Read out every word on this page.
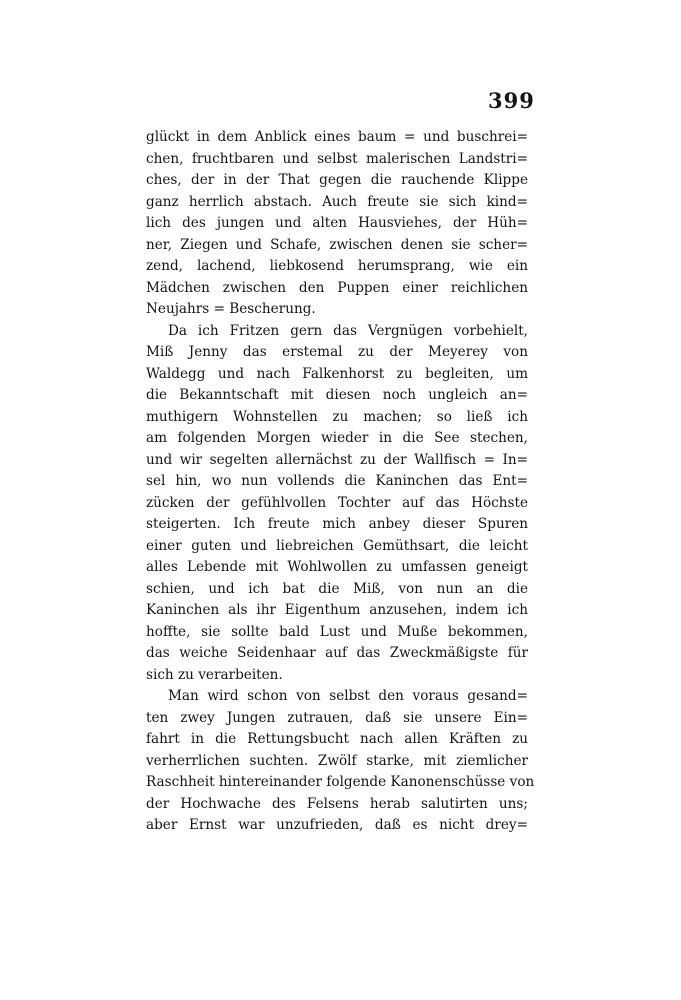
399
glückt in dem Anblick eines baum = und buschrei=
chen, fruchtbaren und selbst malerischen Landstri=
ches, der in der That gegen die rauchende Klippe
ganz herrlich abstach. Auch freute sie sich kind=
lich des jungen und alten Hausviehes, der Hüh=
ner, Ziegen und Schafe, zwischen denen sie scher=
zend, lachend, liebkosend herumsprang, wie ein
Mädchen zwischen den Puppen einer reichlichen
Neujahrs = Bescherung.
Da ich Fritzen gern das Vergnügen vorbehielt,
Miß Jenny das erstemal zu der Meyerey von
Waldegg und nach Falkenhorst zu begleiten, um
die Bekanntschaft mit diesen noch ungleich an=
muthigern Wohnstellen zu machen; so ließ ich
am folgenden Morgen wieder in die See stechen,
und wir segelten allernächst zu der Wallfisch = In=
sel hin, wo nun vollends die Kaninchen das Ent=
zücken der gefühlvollen Tochter auf das Höchste
steigerten. Ich freute mich anbey dieser Spuren
einer guten und liebreichen Gemüthsart, die leicht
alles Lebende mit Wohlwollen zu umfassen geneigt
schien, und ich bat die Miß, von nun an die
Kaninchen als ihr Eigenthum anzusehen, indem ich
hoffte, sie sollte bald Lust und Muße bekommen,
das weiche Seidenhaar auf das Zweckmäßigste für
sich zu verarbeiten.
Man wird schon von selbst den voraus gesand=
ten zwey Jungen zutrauen, daß sie unsere Ein=
fahrt in die Rettungsbucht nach allen Kräften zu
verherrlichen suchten. Zwölf starke, mit ziemlicher
Raschheit hintereinander folgende Kanonenschüsse von
der Hochwache des Felsens herab salutirten uns;
aber Ernst war unzufrieden, daß es nicht drey=
